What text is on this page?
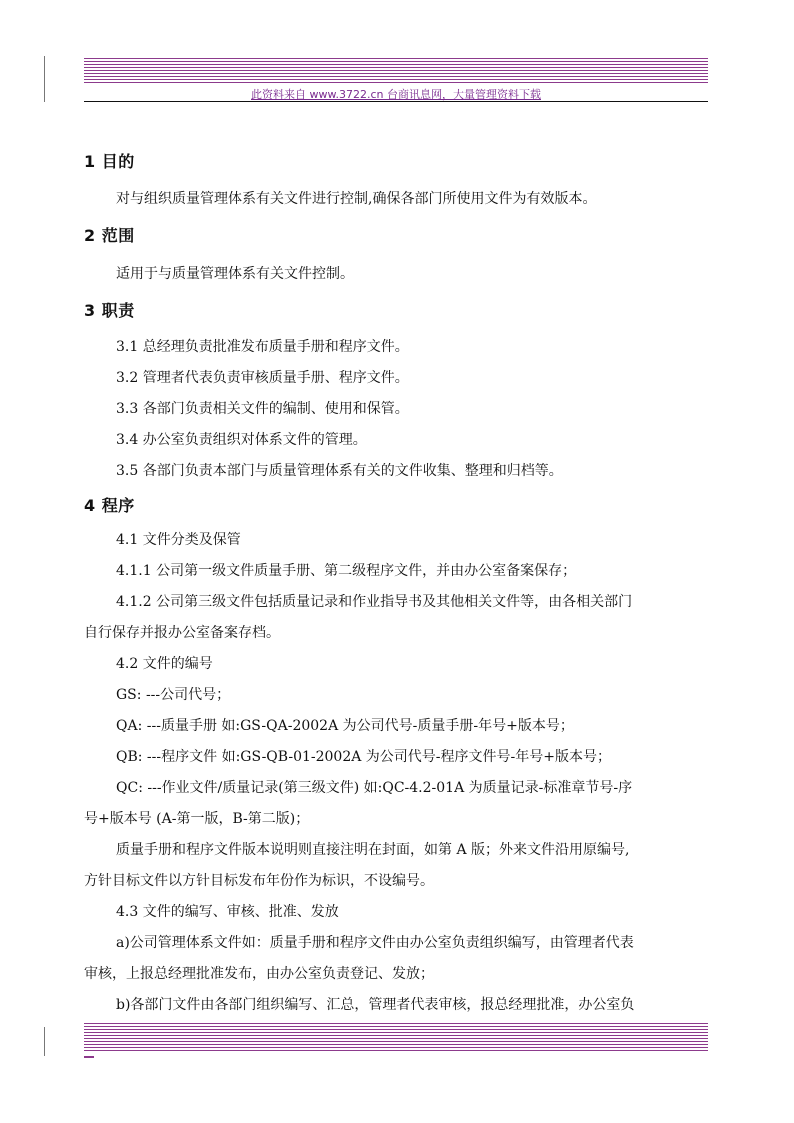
此资料来自 www.3722.cn 台商讯息网，大量管理资料下载
1 目的
对与组织质量管理体系有关文件进行控制,确保各部门所使用文件为有效版本。
2 范围
适用于与质量管理体系有关文件控制。
3 职责
3.1 总经理负责批准发布质量手册和程序文件。
3.2 管理者代表负责审核质量手册、程序文件。
3.3 各部门负责相关文件的编制、使用和保管。
3.4 办公室负责组织对体系文件的管理。
3.5 各部门负责本部门与质量管理体系有关的文件收集、整理和归档等。
4 程序
4.1 文件分类及保管
4.1.1 公司第一级文件质量手册、第二级程序文件，并由办公室备案保存；
4.1.2 公司第三级文件包括质量记录和作业指导书及其他相关文件等，由各相关部门
自行保存并报办公室备案存档。
4.2 文件的编号
GS: ---公司代号；
QA: ---质量手册 如:GS-QA-2002A 为公司代号-质量手册-年号+版本号；
QB: ---程序文件 如:GS-QB-01-2002A 为公司代号-程序文件号-年号+版本号；
QC: ---作业文件/质量记录(第三级文件) 如:QC-4.2-01A 为质量记录-标准章节号-序
号+版本号 (A-第一版，B-第二版)；
质量手册和程序文件版本说明则直接注明在封面，如第 A 版；外来文件沿用原编号,
方针目标文件以方针目标发布年份作为标识，不设编号。
4.3 文件的编写、审核、批准、发放
a)公司管理体系文件如：质量手册和程序文件由办公室负责组织编写，由管理者代表
审核，上报总经理批准发布，由办公室负责登记、发放；
b)各部门文件由各部门组织编写、汇总，管理者代表审核，报总经理批准，办公室负
